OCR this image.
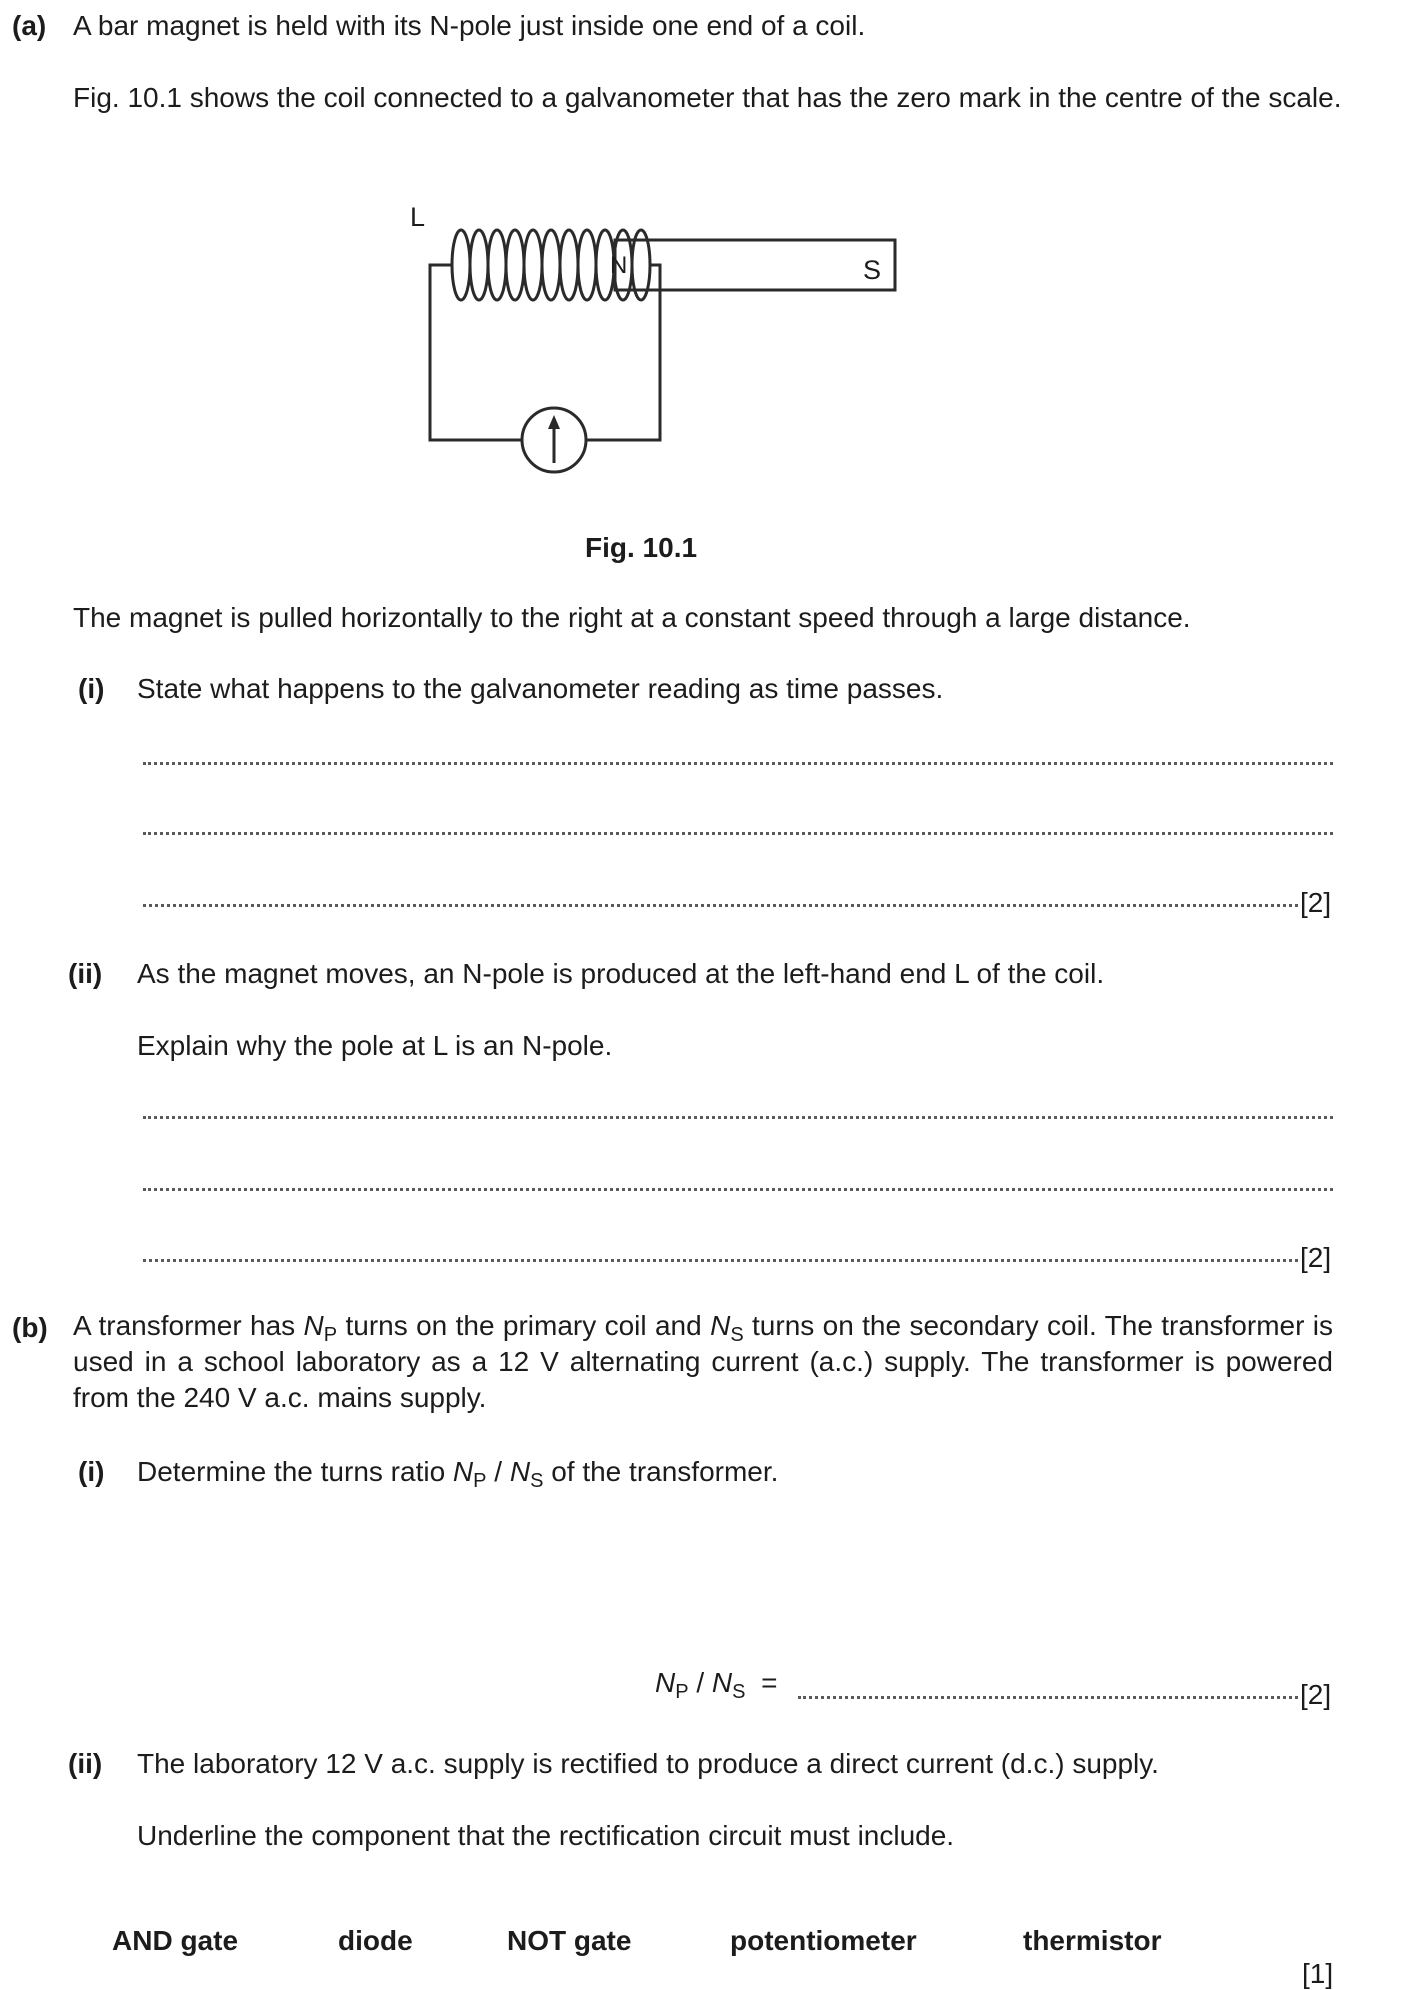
(a) A bar magnet is held with its N-pole just inside one end of a coil.
Fig. 10.1 shows the coil connected to a galvanometer that has the zero mark in the centre of the scale.
L
N	S
Fig. 10.1
The magnet is pulled horizontally to the right at a constant speed through a large distance.
(i) State what happens to the galvanometer reading as time passes.
[2]
(ii) As the magnet moves, an N-pole is produced at the left-hand end L of the coil.
Explain why the pole at L is an N-pole.
[2]
(b) A transformer has $N_P$ turns on the primary coil and $N_S$ turns on the secondary coil. The transformer is used in a school laboratory as a 12 V alternating current (a.c.) supply. The transformer is powered from the 240 V a.c. mains supply.
(i) Determine the turns ratio $N_P / N_S$ of the transformer.
$N_P / N_S$ =	[2]
(ii) The laboratory 12 V a.c. supply is rectified to produce a direct current (d.c.) supply.
Underline the component that the rectification circuit must include.
AND gate	diode	NOT gate	potentiometer	thermistor
[1]
